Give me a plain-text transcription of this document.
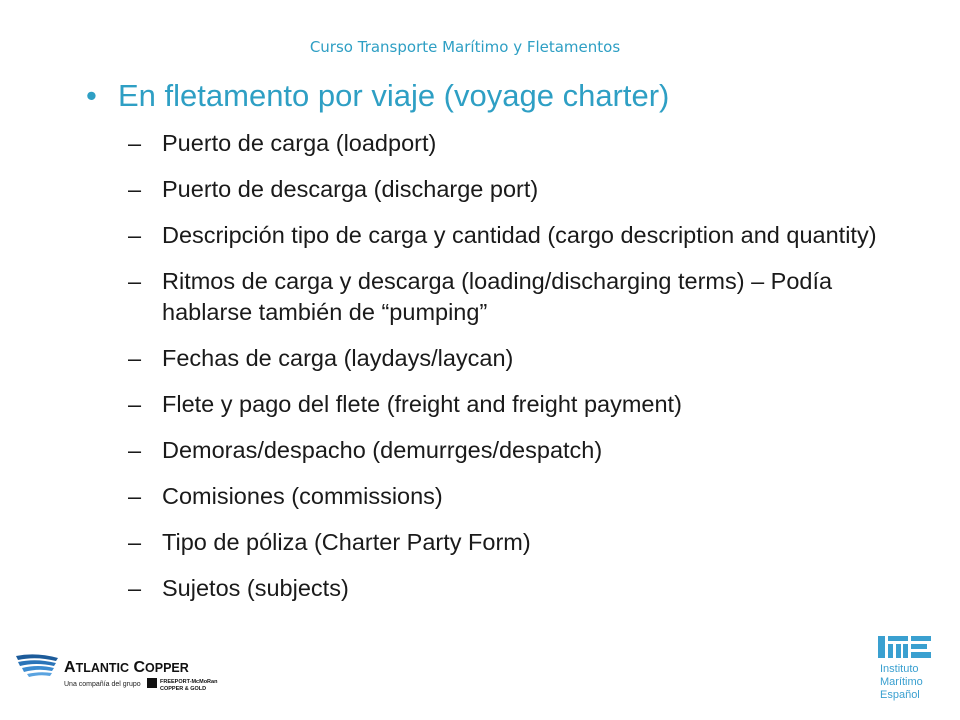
Curso Transporte Marítimo y Fletamentos
• En fletamento por viaje (voyage charter)
– Puerto de carga (loadport)
– Puerto de descarga (discharge port)
– Descripción tipo de carga y cantidad (cargo description and quantity)
– Ritmos de carga y descarga (loading/discharging terms) – Podía hablarse también de “pumping”
– Fechas de carga (laydays/laycan)
– Flete y pago del flete (freight and freight payment)
– Demoras/despacho (demurrges/despatch)
– Comisiones (commissions)
– Tipo de póliza (Charter Party Form)
– Sujetos (subjects)
ATLANTIC COPPER
Una compañía del grupo	FREEPORT-McMoRan
COPPER & GOLD
Instituto
Marítimo
Español
